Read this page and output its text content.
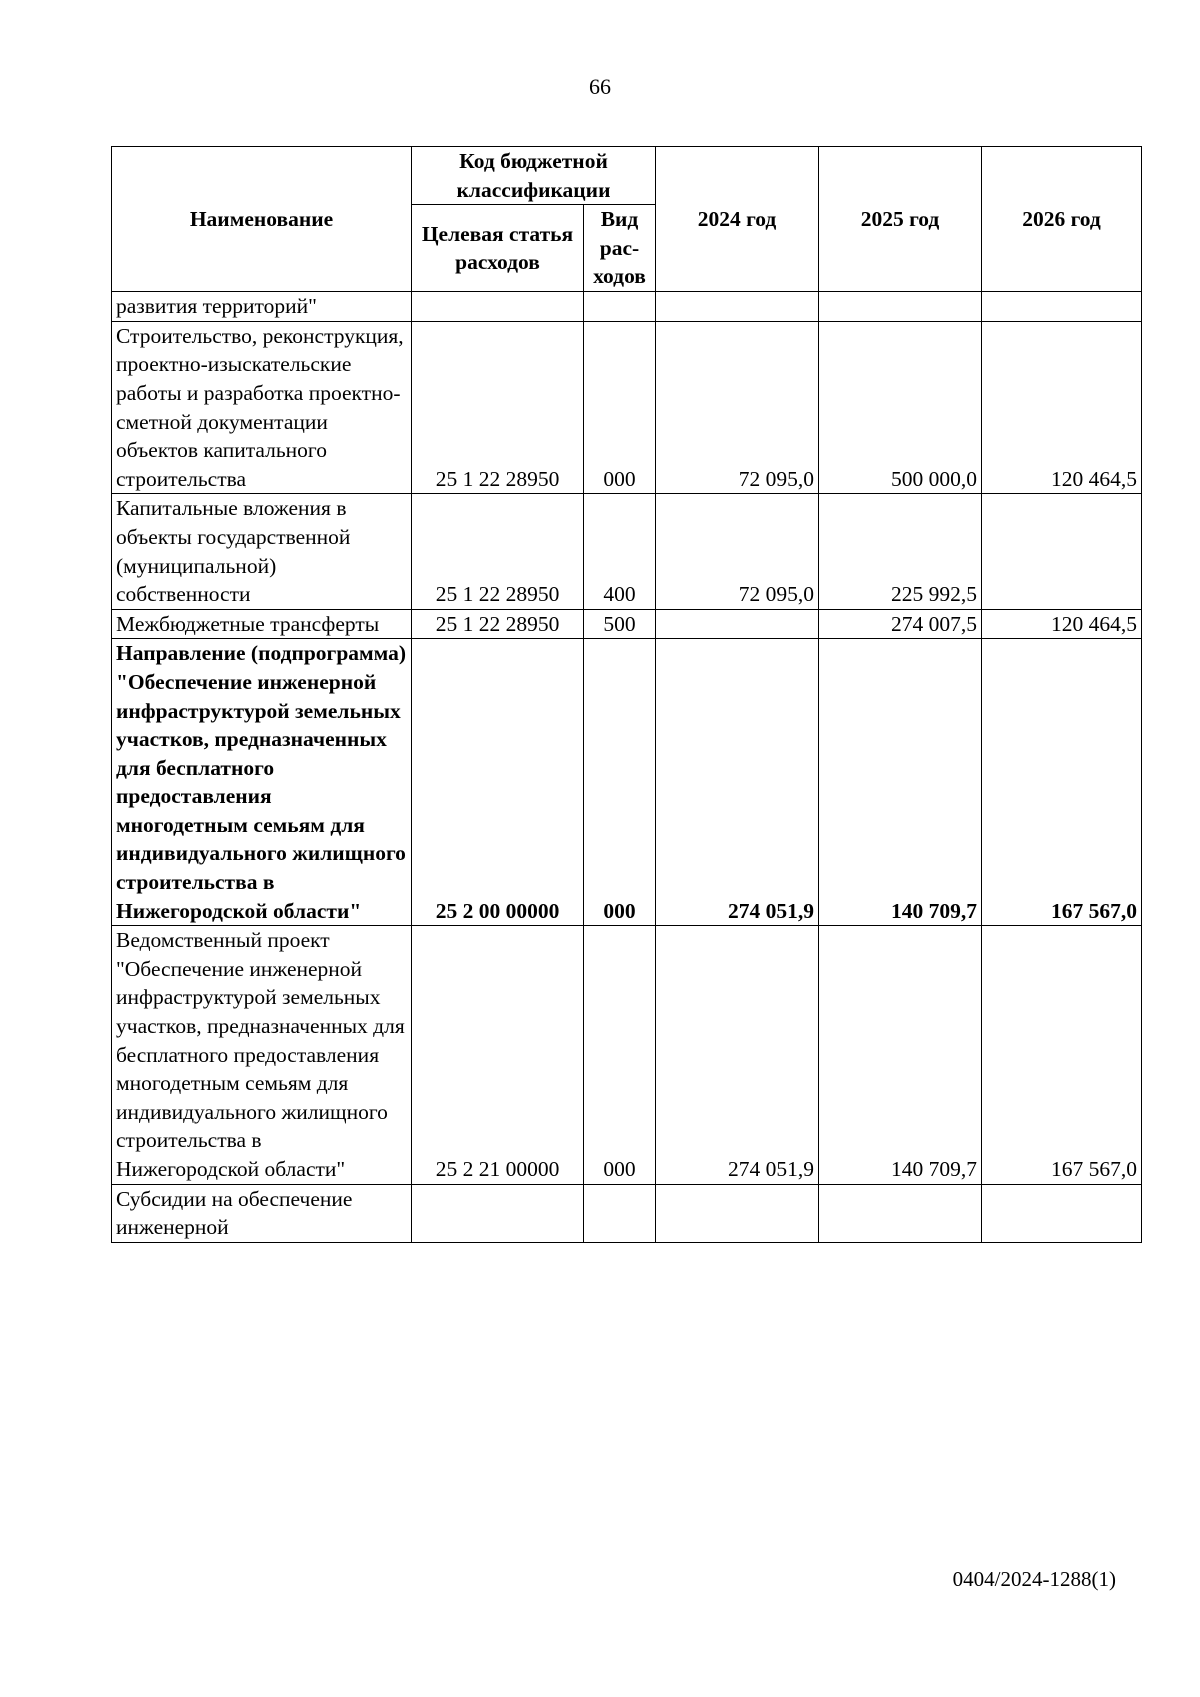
66
Наименование	Код бюджетной классификации		2024 год	2025 год	2026 год
	Целевая статья расходов	Вид рас-ходов			
развития территорий"					
Строительство, реконструкция, проектно-изыскательские работы и разработка проектно-сметной документации объектов капитального строительства	25 1 22 28950	000	72 095,0	500 000,0	120 464,5
Капитальные вложения в объекты государственной (муниципальной) собственности	25 1 22 28950	400	72 095,0	225 992,5	
Межбюджетные трансферты	25 1 22 28950	500		274 007,5	120 464,5
Направление (подпрограмма) "Обеспечение инженерной инфраструктурой земельных участков, предназначенных для бесплатного предоставления многодетным семьям для индивидуального жилищного строительства в Нижегородской области"	25 2 00 00000	000	274 051,9	140 709,7	167 567,0
Ведомственный проект "Обеспечение инженерной инфраструктурой земельных участков, предназначенных для бесплатного предоставления многодетным семьям для индивидуального жилищного строительства в Нижегородской области"	25 2 21 00000	000	274 051,9	140 709,7	167 567,0
Субсидии на обеспечение инженерной					
0404/2024-1288(1)
